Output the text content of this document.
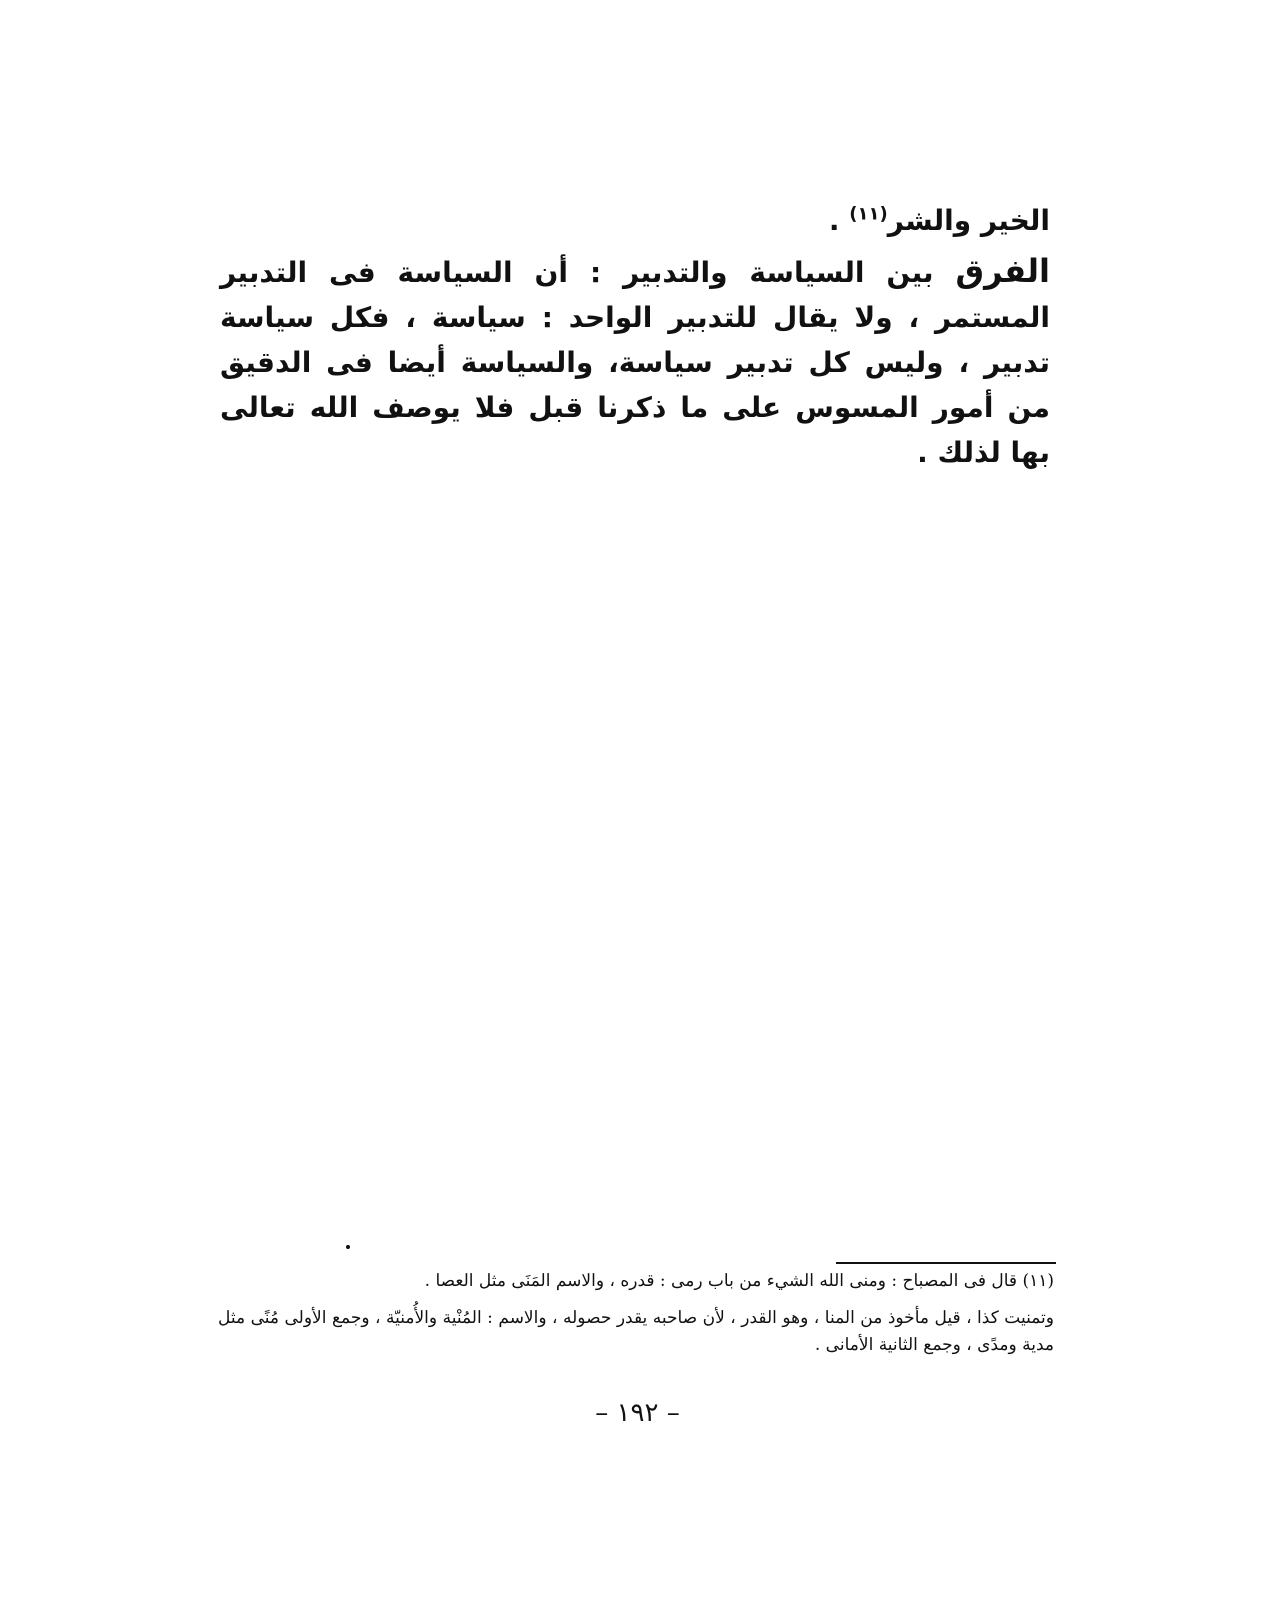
الخير والشر$^{(١١)}$ .

الفرق بين السياسة والتدبير : أن السياسة فى التدبير المستمر ، ولا يقال للتدبير الواحد : سياسة ، فكل سياسة تدبير ، وليس كل تدبير سياسة، والسياسة أيضا فى الدقيق من أمور المسوس على ما ذكرنا قبل فلا يوصف الله تعالى بها لذلك .

(١١) قال فى المصباح : ومنى الله الشيء من باب رمى : قدره ، والاسم المَنَى مثل العصا .

وتمنيت كذا ، قيل مأخوذ من المنا ، وهو القدر ، لأن صاحبه يقدر حصوله ، والاسم : المُنْية والأُمنيّة ، وجمع الأولى مُنًى مثل مدية ومدًى ، وجمع الثانية الأمانى .

– ١٩٢ –
